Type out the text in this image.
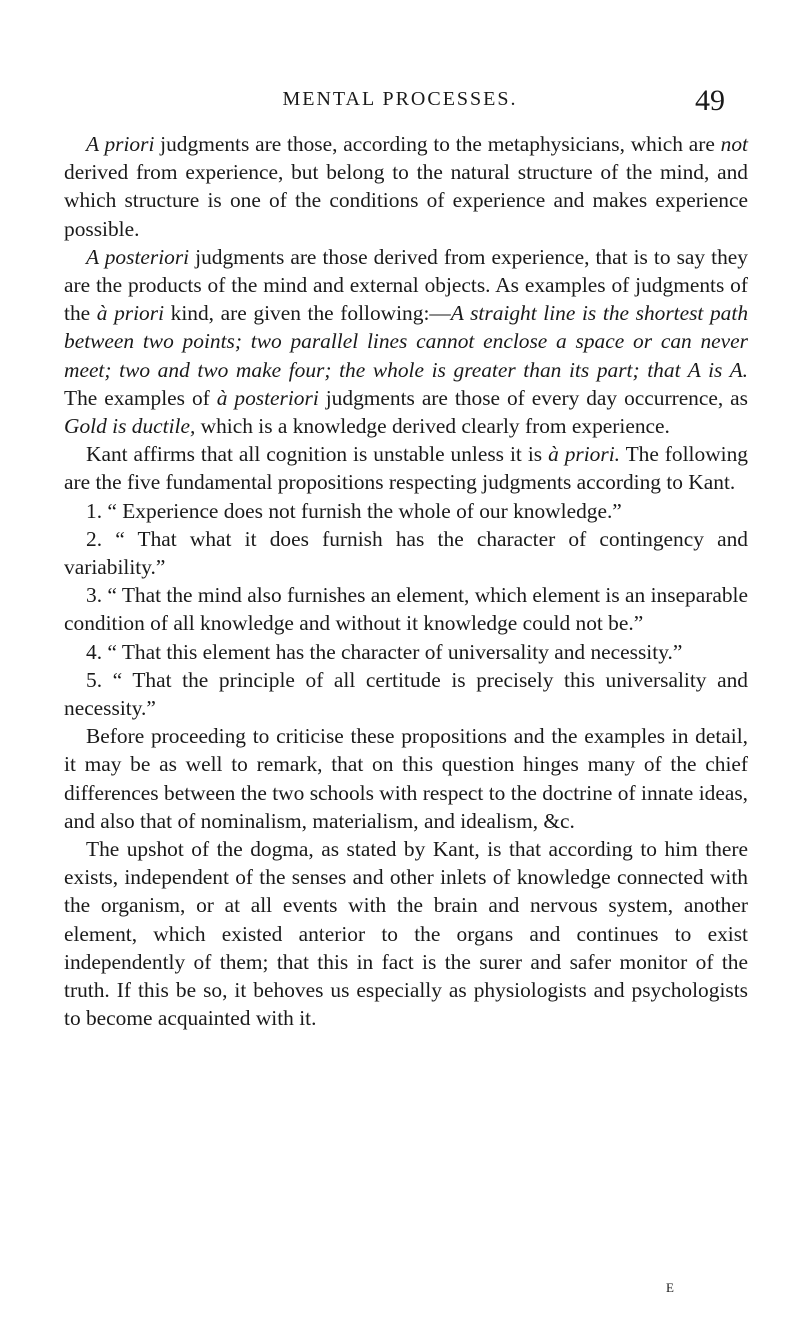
MENTAL PROCESSES.	49

A priori judgments are those, according to the metaphysicians, which are not derived from experience, but belong to the natural structure of the mind, and which structure is one of the conditions of experience and makes experience possible.

A posteriori judgments are those derived from experience, that is to say they are the products of the mind and external objects. As examples of judgments of the à priori kind, are given the following:—A straight line is the shortest path between two points; two parallel lines cannot enclose a space or can never meet; two and two make four; the whole is greater than its part; that A is A. The examples of à posteriori judgments are those of every day occurrence, as Gold is ductile, which is a knowledge derived clearly from experience.

Kant affirms that all cognition is unstable unless it is à priori. The following are the five fundamental propositions respecting judgments according to Kant.

1. “ Experience does not furnish the whole of our knowledge.”

2. “ That what it does furnish has the character of contingency and variability.”

3. “ That the mind also furnishes an element, which element is an inseparable condition of all knowledge and without it knowledge could not be.”

4. “ That this element has the character of universality and necessity.”

5. “ That the principle of all certitude is precisely this universality and necessity.”

Before proceeding to criticise these propositions and the examples in detail, it may be as well to remark, that on this question hinges many of the chief differences between the two schools with respect to the doctrine of innate ideas, and also that of nominalism, materialism, and idealism, &c.

The upshot of the dogma, as stated by Kant, is that according to him there exists, independent of the senses and other inlets of knowledge connected with the organism, or at all events with the brain and nervous system, another element, which existed anterior to the organs and continues to exist independently of them; that this in fact is the surer and safer monitor of the truth. If this be so, it behoves us especially as physiologists and psychologists to become acquainted with it.

E
